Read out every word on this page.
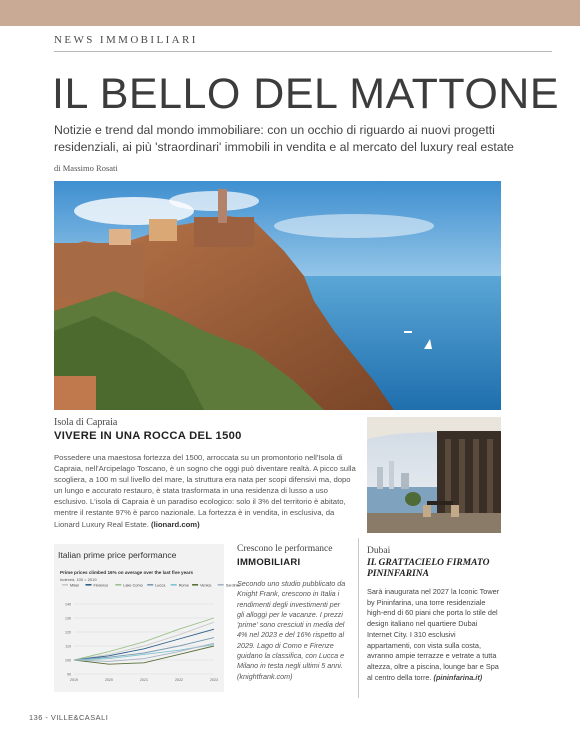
NEWS IMMOBILIARI
IL BELLO DEL MATTONE

Notizie e trend dal mondo immobiliare: con un occhio di riguardo ai nuovi progetti residenziali, ai più 'straordinari' immobili in vendita e al mercato del luxury real estate

di Massimo Rosati

Isola di Capraia
VIVERE IN UNA ROCCA DEL 1500

Possedere una maestosa fortezza del 1500, arroccata su un promontorio nell'Isola di Capraia, nell'Arcipelago Toscano, è un sogno che oggi può diventare realtà. A picco sulla scogliera, a 100 m sul livello del mare, la struttura era nata per scopi difensivi ma, dopo un lungo e accurato restauro, è stata trasformata in una residenza di lusso a uso esclusivo. L'isola di Capraia è un paradiso ecologico: solo il 3% del territorio è abitato, mentre il restante 97% è parco nazionale. La fortezza è in vendita, in esclusiva, da Lionard Luxury Real Estate. (lionard.com)

Italian prime price performance
Prime prices climbed 16% on average over the last five years
Indexed, 100 = 2019
Milan	Florence	Lake Como	Lucca	Rome	Venice	Sardinia
90
100
110
120
130
140
2019	2020	2021	2022	2023
Crescono le performance
IMMOBILIARI

Secondo uno studio pubblicato da Knight Frank, crescono in Italia i rendimenti degli investimenti per gli alloggi per le vacanze. I prezzi 'prime' sono cresciuti in media del 4% nel 2023 e del 16% rispetto al 2029. Lago di Como e Firenze guidano la classifica, con Lucca e Milano in testa negli ultimi 5 anni. (knightfrank.com)

Dubai
IL GRATTACIELO FIRMATO PININFARINA

Sarà inaugurata nel 2027 la Iconic Tower by Pininfarina, una torre residenziale high-end di 60 piani che porta lo stile del design italiano nel quartiere Dubai Internet City. I 310 esclusivi appartamenti, con vista sulla costa, avranno ampie terrazze e vetrate a tutta altezza, oltre a piscina, lounge bar e Spa al centro della torre. (pininfarina.it)

136 - VILLE&CASALI
